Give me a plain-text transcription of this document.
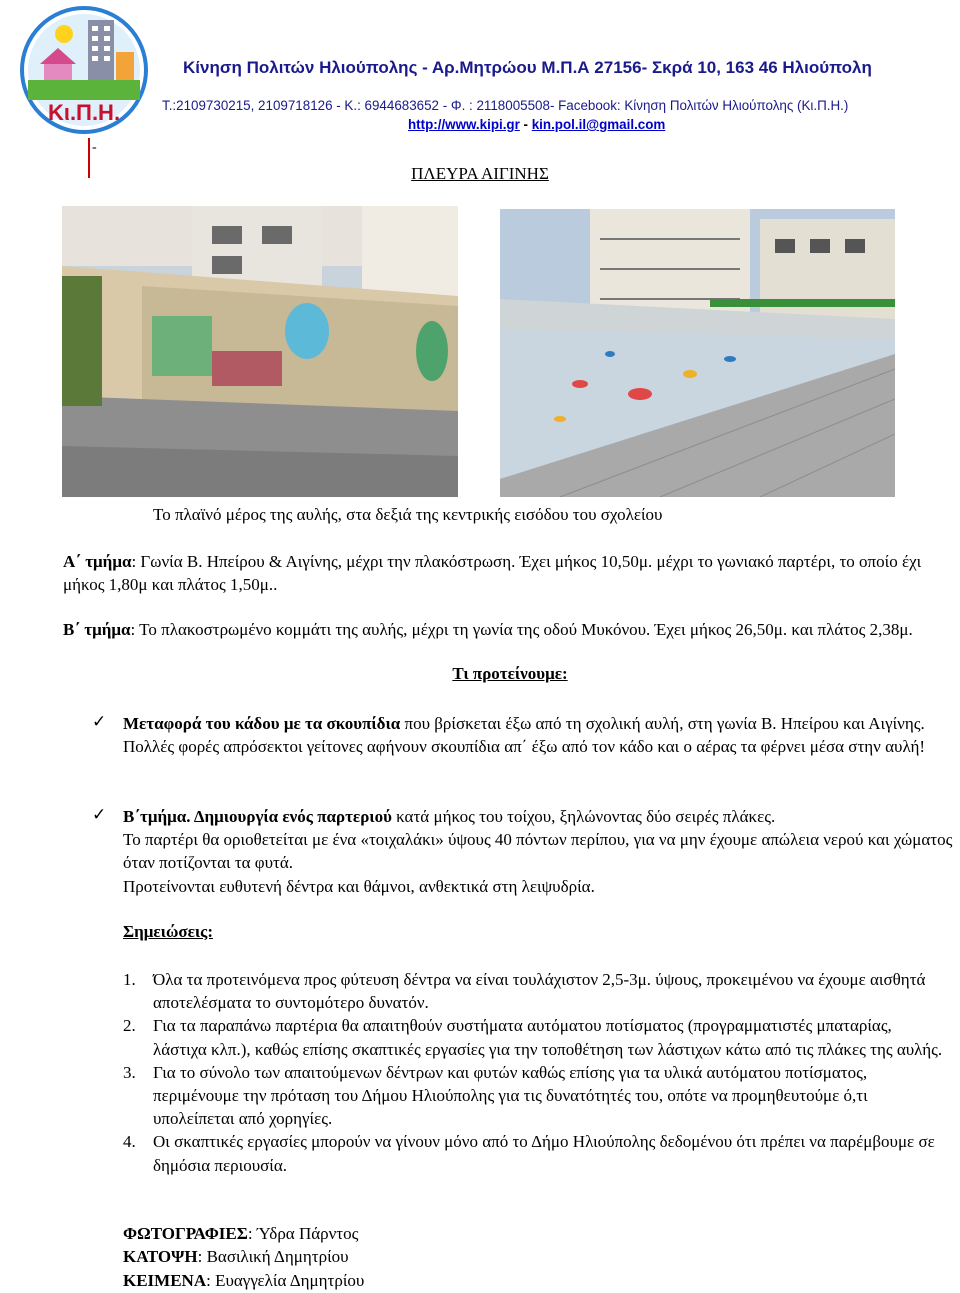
Κι.Π.Η.
Κίνηση Πολιτών Ηλιούπολης - Αρ.Μητρώου Μ.Π.Α 27156- Σκρά 10, 163 46 Ηλιούπολη
Τ.:2109730215, 2109718126 - Κ.: 6944683652 - Φ. : 2118005508- Facebook: Κίνηση Πολιτών Ηλιούπολης (Κι.Π.Η.)
http://www.kipi.gr - kin.pol.il@gmail.com
-
ΠΛΕΥΡΑ ΑΙΓΙΝΗΣ
Το πλαϊνό μέρος της αυλής, στα δεξιά της κεντρικής εισόδου του σχολείου

Α΄ τμήμα: Γωνία Β. Ηπείρου & Αιγίνης, μέχρι την πλακόστρωση. Έχει μήκος 10,50μ. μέχρι το γωνιακό παρτέρι, το οποίο έχι μήκος 1,80μ και πλάτος 1,50μ..

Β΄ τμήμα: Το πλακοστρωμένο κομμάτι της αυλής, μέχρι τη γωνία της οδού Μυκόνου. Έχει μήκος 26,50μ. και πλάτος 2,38μ.

Τι προτείνουμε:
✓ Μεταφορά του κάδου με τα σκουπίδια που βρίσκεται έξω από τη σχολική αυλή, στη γωνία Β. Ηπείρου και Αιγίνης. Πολλές φορές απρόσεκτοι γείτονες αφήνουν σκουπίδια απ΄ έξω από τον κάδο και ο αέρας τα φέρνει μέσα στην αυλή!

✓ Β΄τμήμα. Δημιουργία ενός παρτεριού κατά μήκος του τοίχου, ξηλώνοντας δύο σειρές πλάκες.

Το παρτέρι θα οριοθετείται με ένα «τοιχαλάκι» ύψους 40 πόντων περίπου, για να μην έχουμε απώλεια νερού και χώματος όταν ποτίζονται τα φυτά.

Προτείνονται ευθυτενή δέντρα και θάμνοι, ανθεκτικά στη λειψυδρία.

Σημειώσεις:
1. Όλα τα προτεινόμενα προς φύτευση δέντρα να είναι τουλάχιστον 2,5-3μ. ύψους, προκειμένου να έχουμε αισθητά αποτελέσματα το συντομότερο δυνατόν.
2. Για τα παραπάνω παρτέρια θα απαιτηθούν συστήματα αυτόματου ποτίσματος (προγραμματιστές μπαταρίας, λάστιχα κλπ.), καθώς επίσης σκαπτικές εργασίες για την τοποθέτηση των λάστιχων κάτω από τις πλάκες της αυλής.
3. Για το σύνολο των απαιτούμενων δέντρων και φυτών καθώς επίσης για τα υλικά αυτόματου ποτίσματος, περιμένουμε την πρόταση του Δήμου Ηλιούπολης για τις δυνατότητές του, οπότε να προμηθευτούμε ό,τι υπολείπεται από χορηγίες.
4. Οι σκαπτικές εργασίες μπορούν να γίνουν μόνο από το Δήμο Ηλιούπολης δεδομένου ότι πρέπει να παρέμβουμε σε δημόσια περιουσία.
ΦΩΤΟΓΡΑΦΙΕΣ: Ύδρα Πάρντος
ΚΑΤΟΨΗ: Βασιλική Δημητρίου
ΚΕΙΜΕΝΑ: Ευαγγελία Δημητρίου
